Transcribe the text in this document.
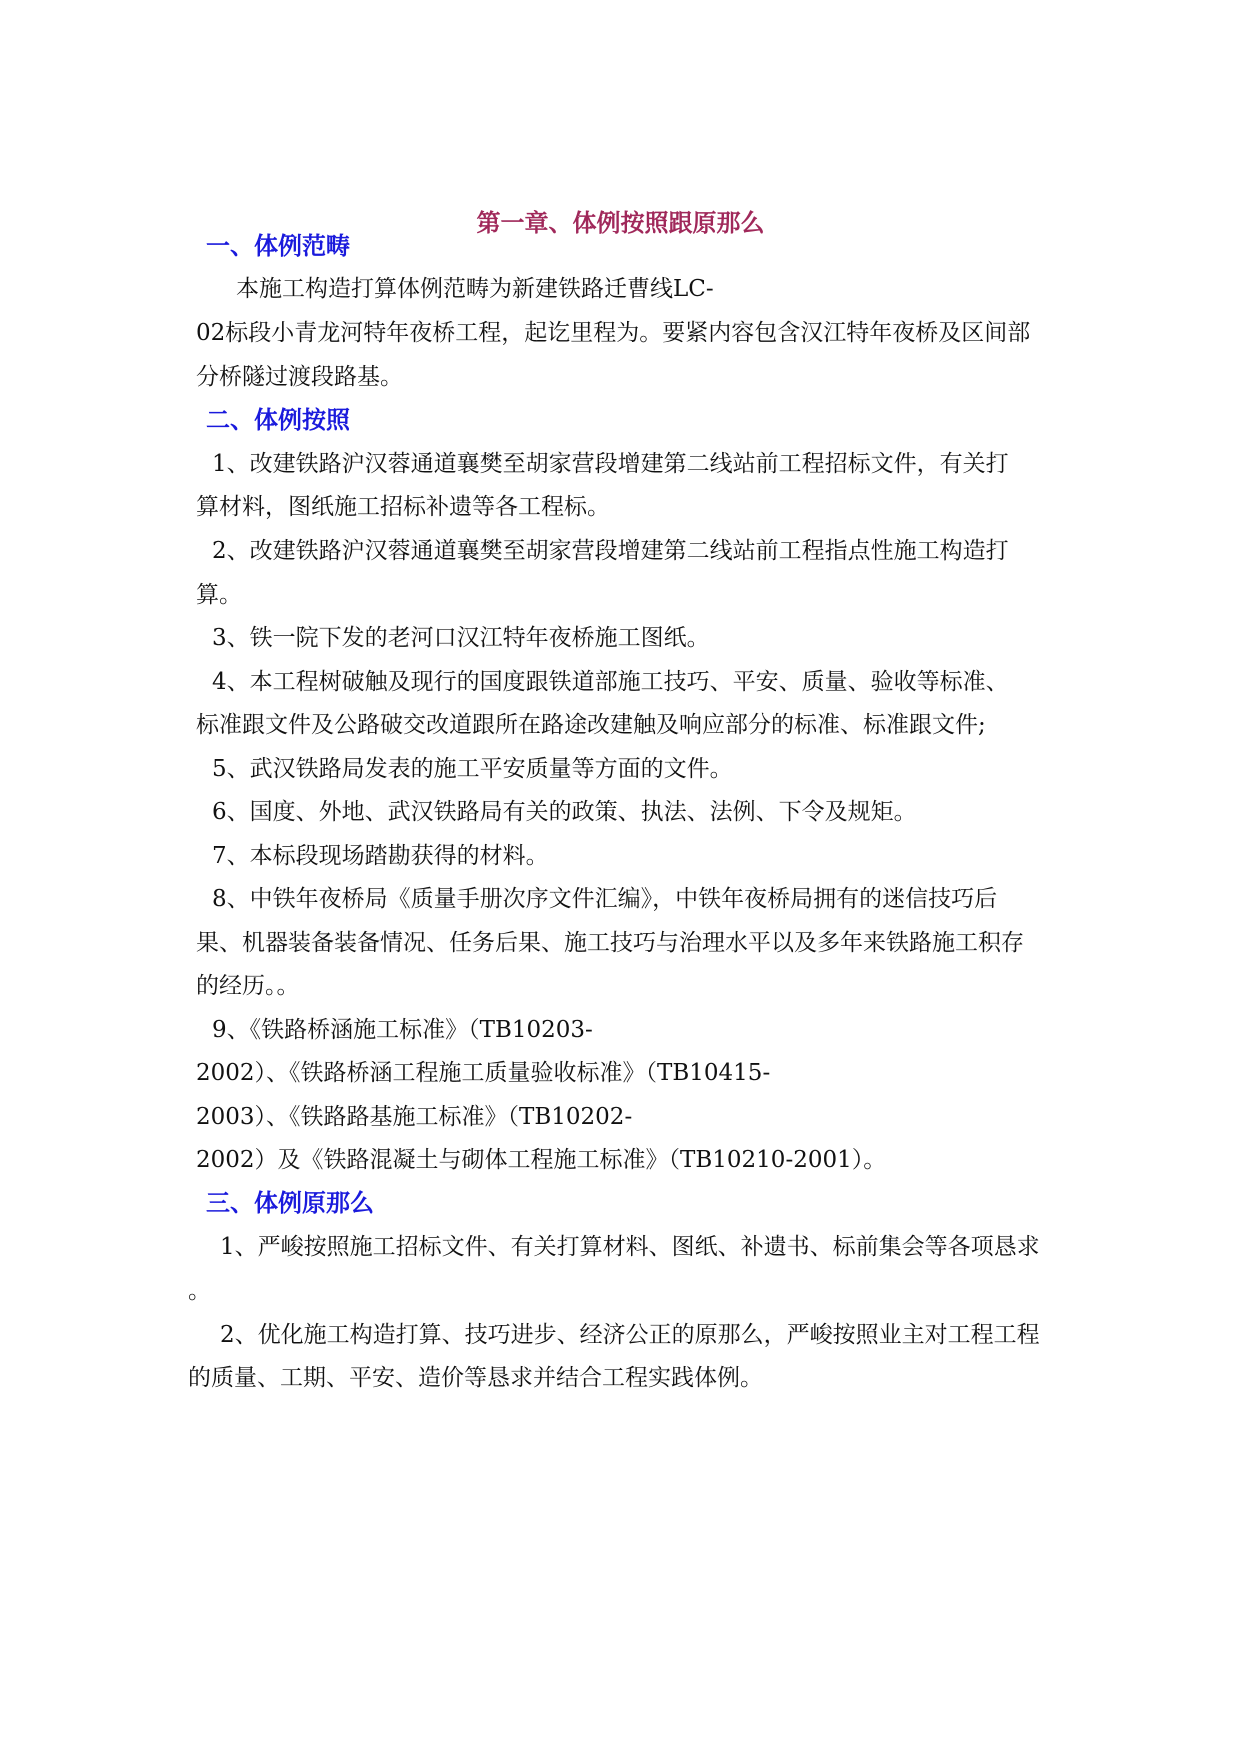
第一章、体例按照跟原那么
一、体例范畴
本施工构造打算体例范畴为新建铁路迁曹线LC-
02标段小青龙河特年夜桥工程，起讫里程为。要紧内容包含汉江特年夜桥及区间部
分桥隧过渡段路基。
二、体例按照
1、改建铁路沪汉蓉通道襄樊至胡家营段增建第二线站前工程招标文件，有关打
算材料，图纸施工招标补遗等各工程标。
2、改建铁路沪汉蓉通道襄樊至胡家营段增建第二线站前工程指点性施工构造打
算。
3、铁一院下发的老河口汉江特年夜桥施工图纸。
4、本工程树破触及现行的国度跟铁道部施工技巧、平安、质量、验收等标准、
标准跟文件及公路破交改道跟所在路途改建触及响应部分的标准、标准跟文件;
5、武汉铁路局发表的施工平安质量等方面的文件。
6、国度、外地、武汉铁路局有关的政策、执法、法例、下令及规矩。
7、本标段现场踏勘获得的材料。
8、中铁年夜桥局《质量手册次序文件汇编》，中铁年夜桥局拥有的迷信技巧后
果、机器装备装备情况、任务后果、施工技巧与治理水平以及多年来铁路施工积存
的经历。。
9、《铁路桥涵施工标准》（TB10203-
2002）、《铁路桥涵工程施工质量验收标准》（TB10415-
2003）、《铁路路基施工标准》（TB10202-
2002）及《铁路混凝土与砌体工程施工标准》（TB10210-2001）。
三、体例原那么
1、严峻按照施工招标文件、有关打算材料、图纸、补遗书、标前集会等各项恳求
。
2、优化施工构造打算、技巧进步、经济公正的原那么，严峻按照业主对工程工程
的质量、工期、平安、造价等恳求并结合工程实践体例。
